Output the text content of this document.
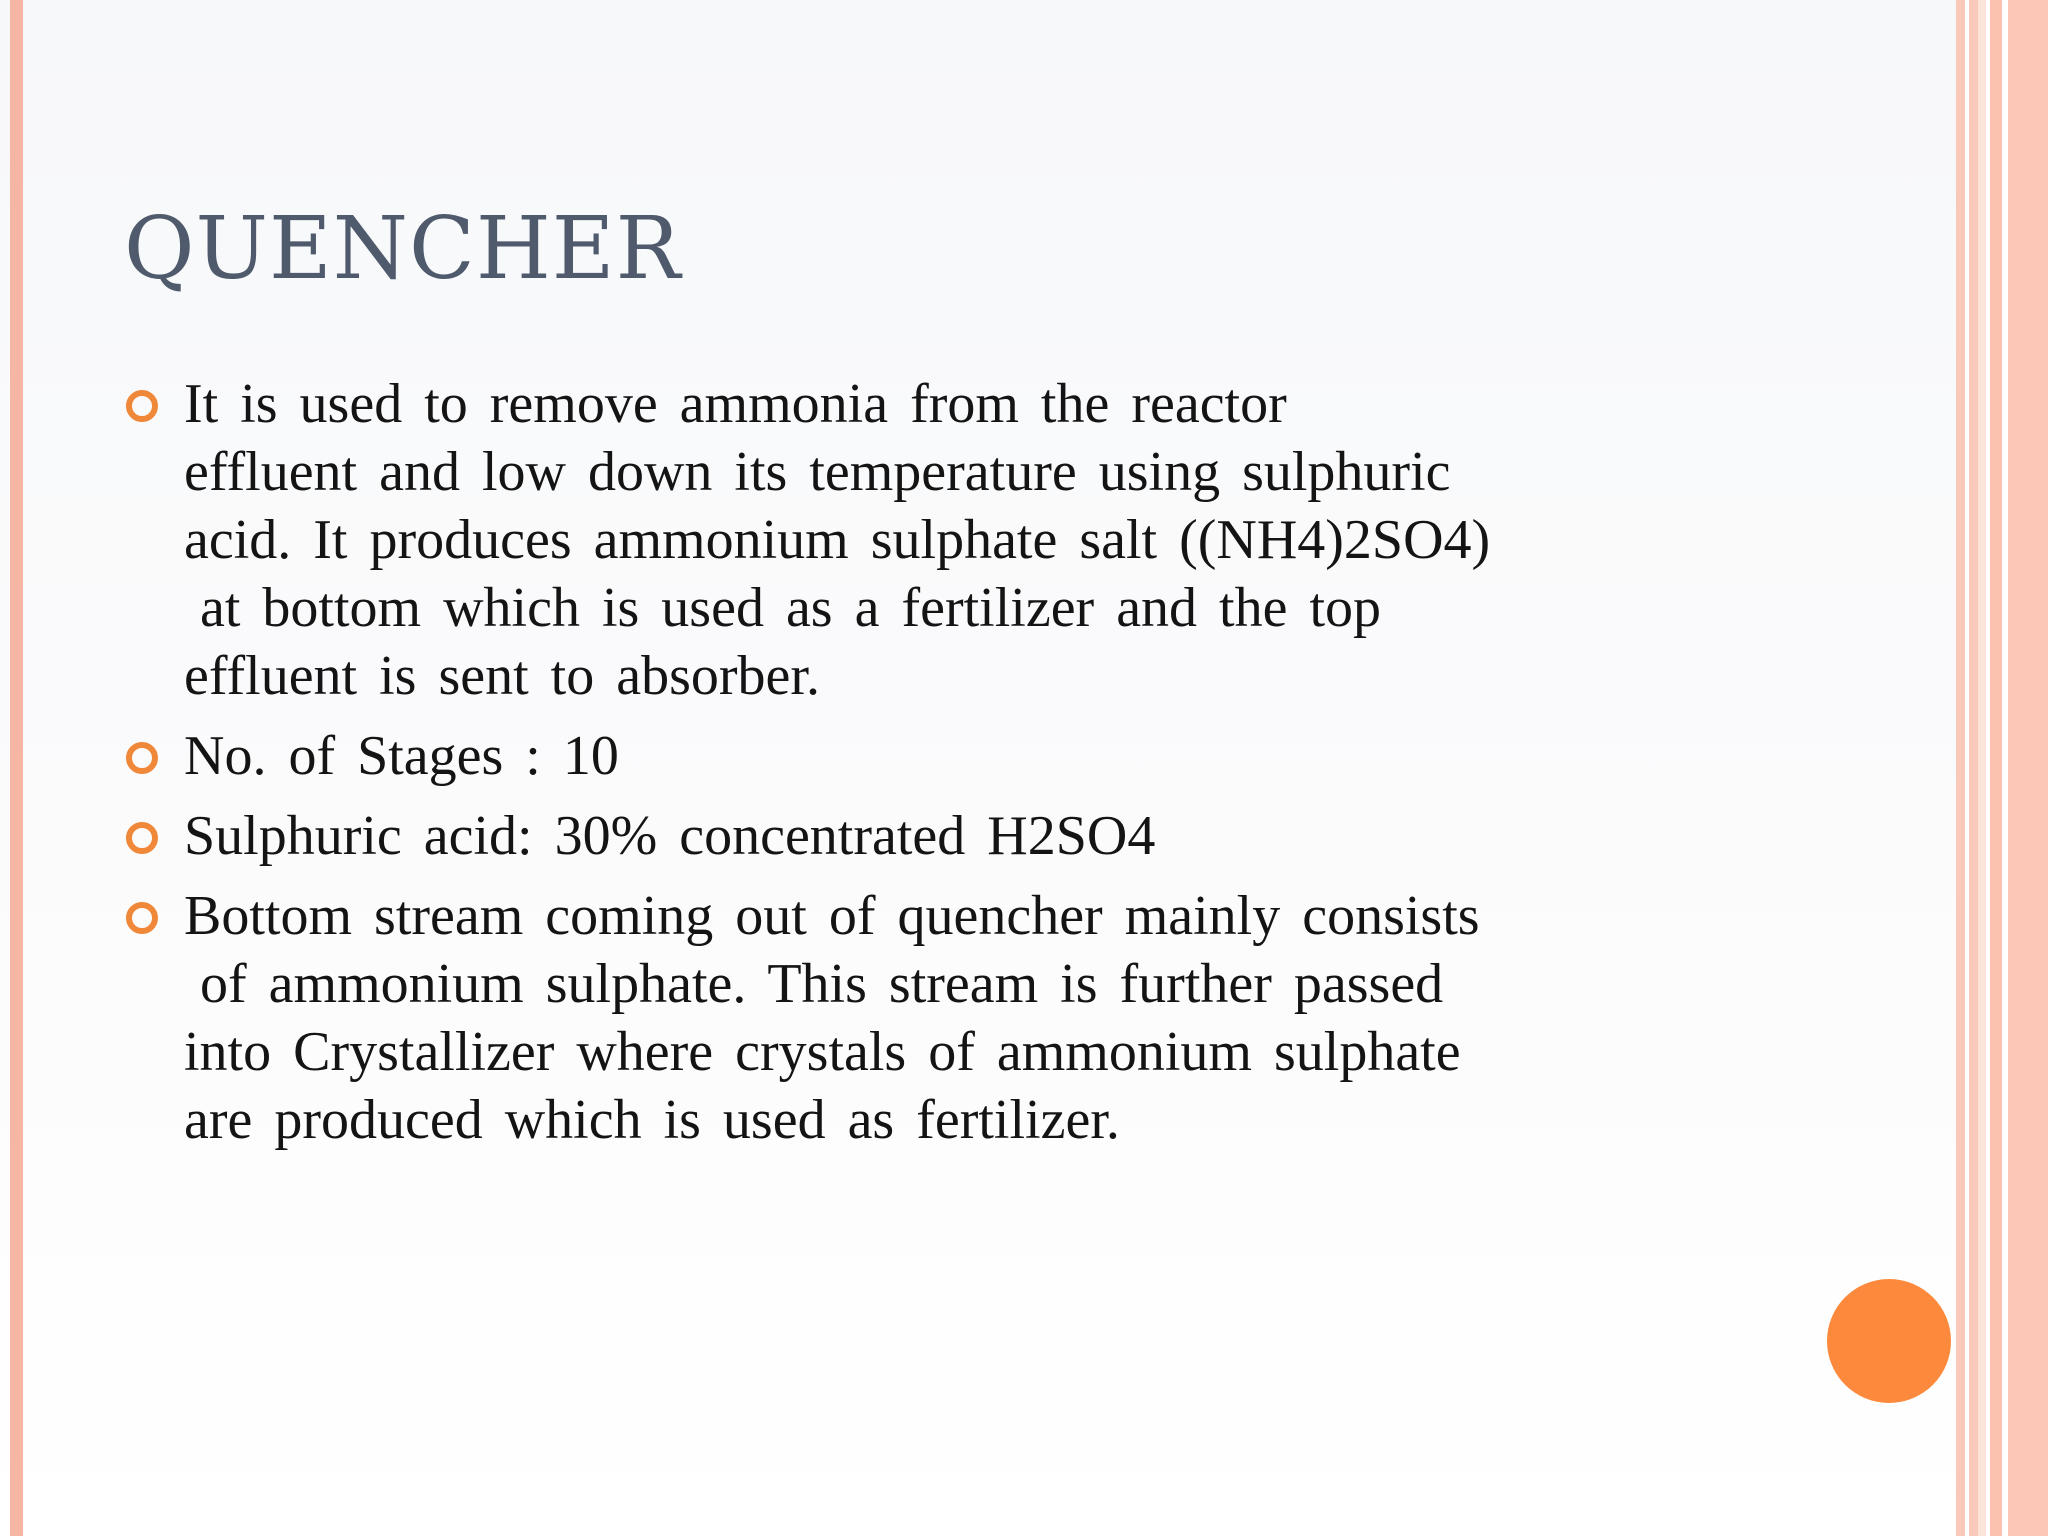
QUENCHER
It is used to remove ammonia from the reactor
effluent and low down its temperature using sulphuric
acid. It produces ammonium sulphate salt ((NH4)2SO4)
at bottom which is used as a fertilizer and the top
effluent is sent to absorber.
No. of Stages : 10
Sulphuric acid: 30% concentrated H2SO4
Bottom stream coming out of quencher mainly consists
of ammonium sulphate. This stream is further passed
into Crystallizer where crystals of ammonium sulphate
are produced which is used as fertilizer.
